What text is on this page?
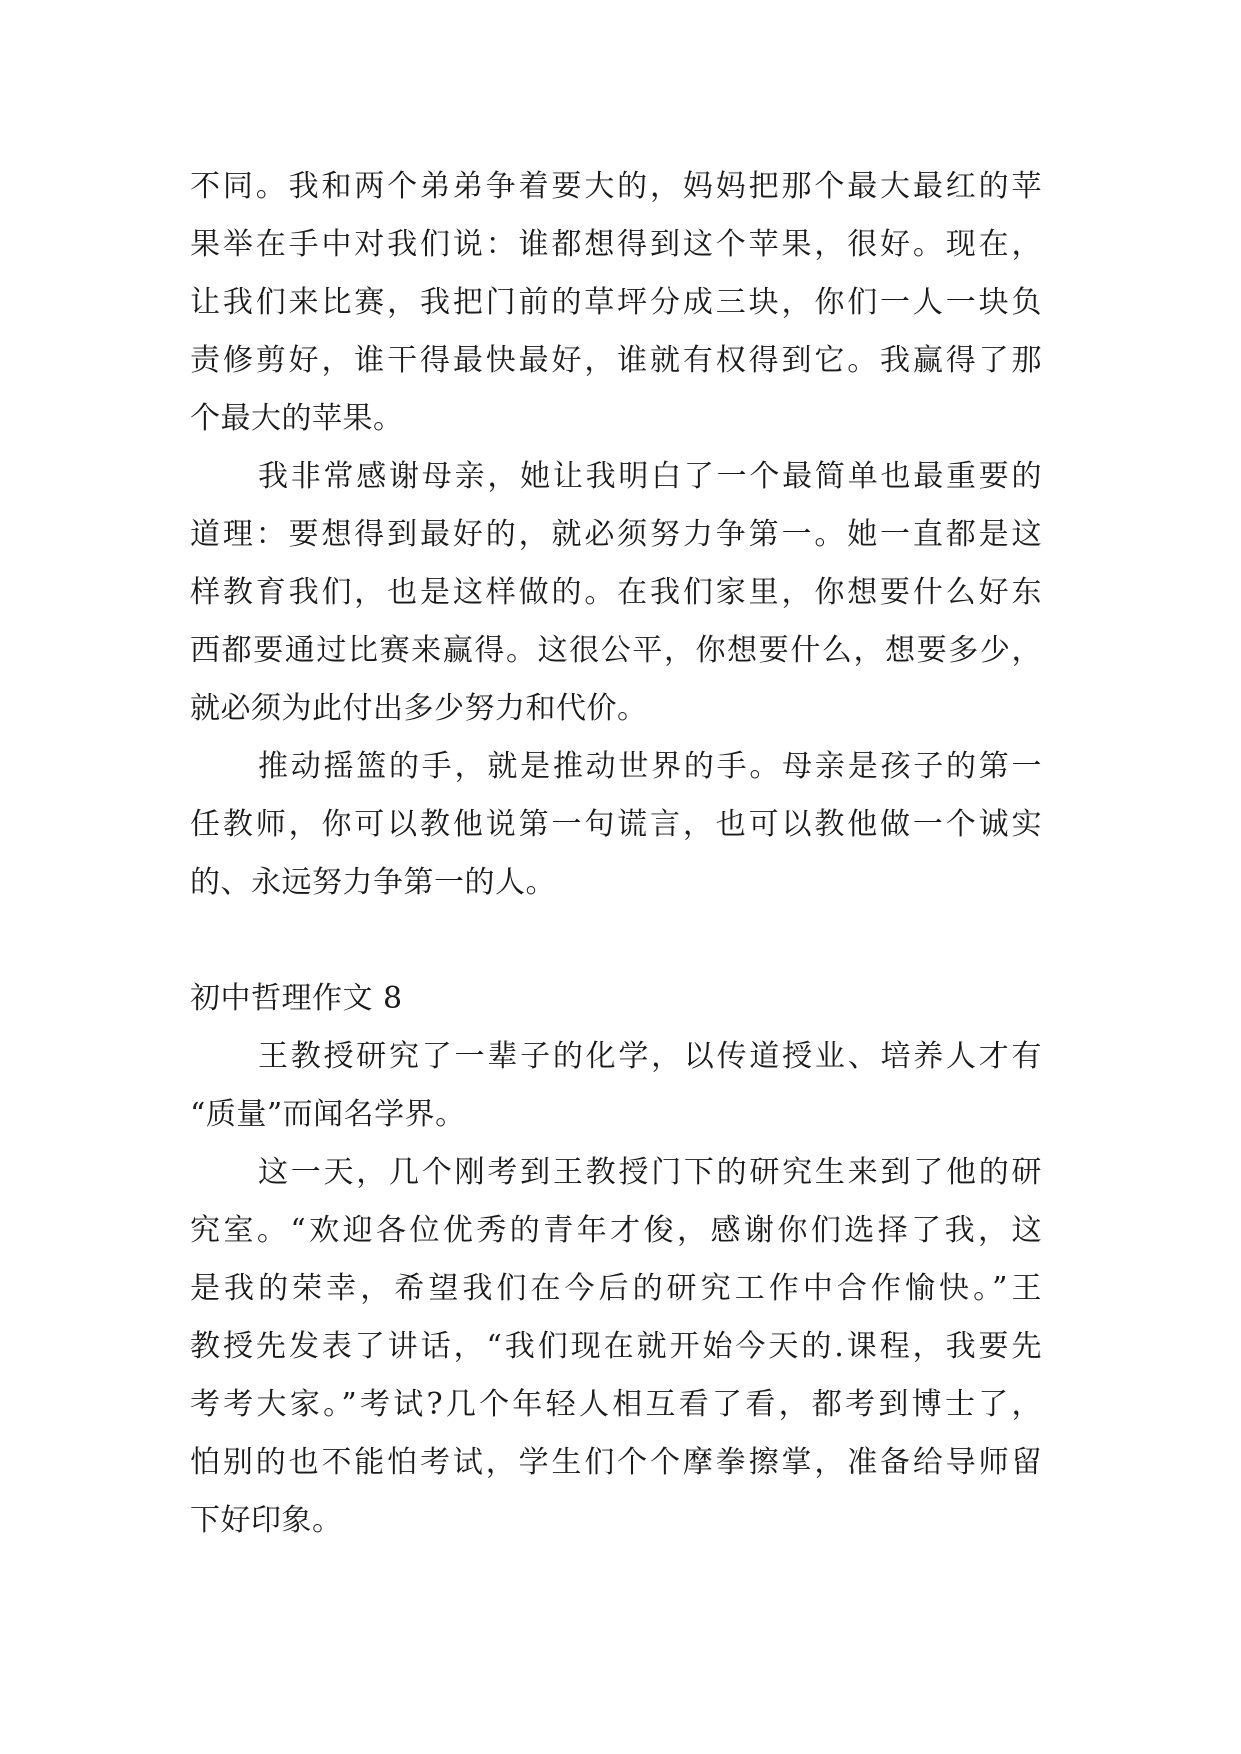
不同。我和两个弟弟争着要大的，妈妈把那个最大最红的苹
果举在手中对我们说：谁都想得到这个苹果，很好。现在，
让我们来比赛，我把门前的草坪分成三块，你们一人一块负
责修剪好，谁干得最快最好，谁就有权得到它。我赢得了那
个最大的苹果。
我非常感谢母亲，她让我明白了一个最简单也最重要的
道理：要想得到最好的，就必须努力争第一。她一直都是这
样教育我们，也是这样做的。在我们家里，你想要什么好东
西都要通过比赛来赢得。这很公平，你想要什么，想要多少，
就必须为此付出多少努力和代价。
推动摇篮的手，就是推动世界的手。母亲是孩子的第一
任教师，你可以教他说第一句谎言，也可以教他做一个诚实
的、永远努力争第一的人。
初中哲理作文 8
王教授研究了一辈子的化学，以传道授业、培养人才有
“质量”而闻名学界。
这一天，几个刚考到王教授门下的研究生来到了他的研
究室。“欢迎各位优秀的青年才俊，感谢你们选择了我，这
是我的荣幸，希望我们在今后的研究工作中合作愉快。”王
教授先发表了讲话，“我们现在就开始今天的.课程，我要先
考考大家。”考试?几个年轻人相互看了看，都考到博士了，
怕别的也不能怕考试，学生们个个摩拳擦掌，准备给导师留
下好印象。
